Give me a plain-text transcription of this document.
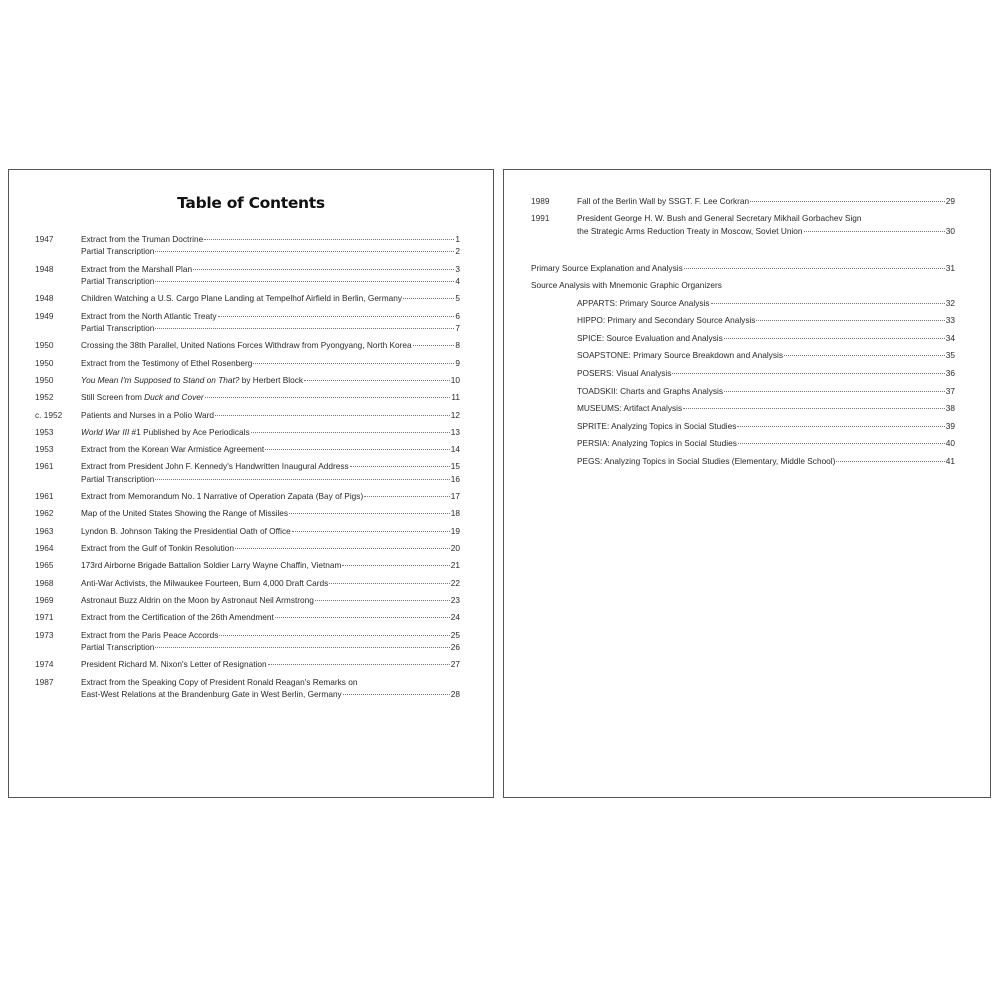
Table of Contents
1947	Extract from the Truman Doctrine	1
Partial Transcription	2
1948	Extract from the Marshall Plan	3
Partial Transcription	4
1948	Children Watching a U.S. Cargo Plane Landing at Tempelhof Airfield in Berlin, Germany	5
1949	Extract from the North Atlantic Treaty	6
Partial Transcription	7
1950	Crossing the 38th Parallel, United Nations Forces Withdraw from Pyongyang, North Korea	8
1950	Extract from the Testimony of Ethel Rosenberg	9
1950	You Mean I'm Supposed to Stand on That? by Herbert Block	10
1952	Still Screen from Duck and Cover	11
c. 1952	Patients and Nurses in a Polio Ward	12
1953	World War III #1 Published by Ace Periodicals	13
1953	Extract from the Korean War Armistice Agreement	14
1961	Extract from President John F. Kennedy's Handwritten Inaugural Address	15
Partial Transcription	16
1961	Extract from Memorandum No. 1 Narrative of Operation Zapata (Bay of Pigs)	17
1962	Map of the United States Showing the Range of Missiles	18
1963	Lyndon B. Johnson Taking the Presidential Oath of Office	19
1964	Extract from the Gulf of Tonkin Resolution	20
1965	173rd Airborne Brigade Battalion Soldier Larry Wayne Chaffin, Vietnam	21
1968	Anti-War Activists, the Milwaukee Fourteen, Burn 4,000 Draft Cards	22
1969	Astronaut Buzz Aldrin on the Moon by Astronaut Neil Armstrong	23
1971	Extract from the Certification of the 26th Amendment	24
1973	Extract from the Paris Peace Accords	25
Partial Transcription	26
1974	President Richard M. Nixon's Letter of Resignation	27
1987	Extract from the Speaking Copy of President Ronald Reagan's Remarks on
East-West Relations at the Brandenburg Gate in West Berlin, Germany	28
1989	Fall of the Berlin Wall by SSGT. F. Lee Corkran	29
1991	President George H. W. Bush and General Secretary Mikhail Gorbachev Sign
the Strategic Arms Reduction Treaty in Moscow, Soviet Union	30
Primary Source Explanation and Analysis	31
Source Analysis with Mnemonic Graphic Organizers
APPARTS: Primary Source Analysis	32
HIPPO: Primary and Secondary Source Analysis	33
SPICE: Source Evaluation and Analysis	34
SOAPSTONE: Primary Source Breakdown and Analysis	35
POSERS: Visual Analysis	36
TOADSKII: Charts and Graphs Analysis	37
MUSEUMS: Artifact Analysis	38
SPRITE: Analyzing Topics in Social Studies	39
PERSIA: Analyzing Topics in Social Studies	40
PEGS: Analyzing Topics in Social Studies (Elementary, Middle School)	41
